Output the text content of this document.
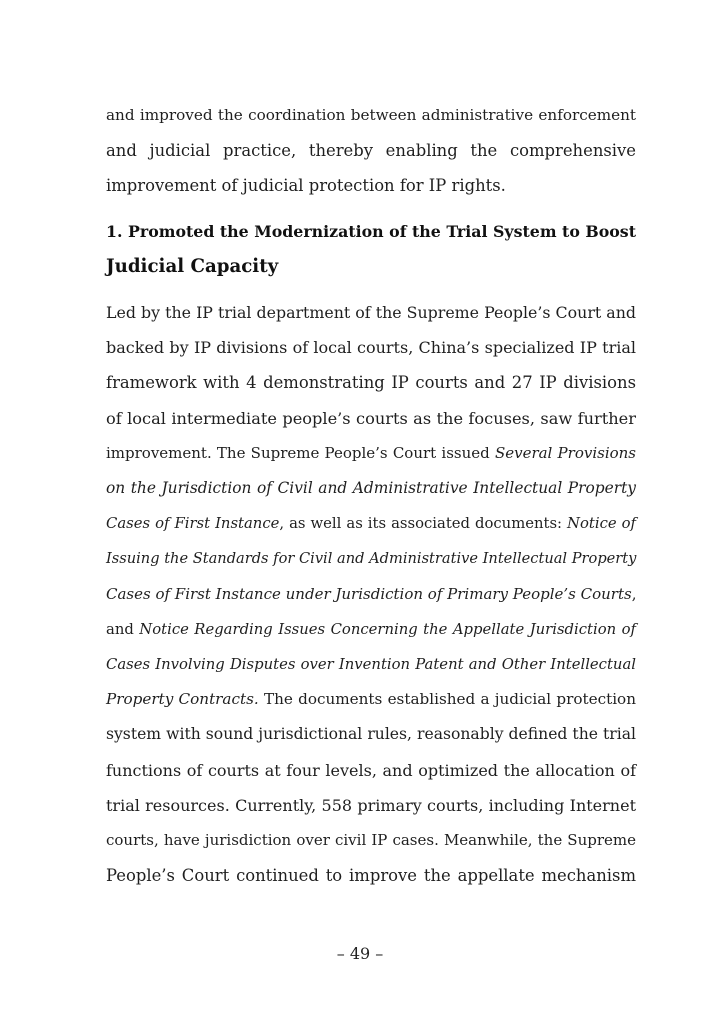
and improved the coordination between administrative enforcement
and judicial practice, thereby enabling the comprehensive
improvement of judicial protection for IP rights.

1. Promoted the Modernization of the Trial System to Boost
Judicial Capacity

Led by the IP trial department of the Supreme People’s Court and
backed by IP divisions of local courts, China’s specialized IP trial
framework with 4 demonstrating IP courts and 27 IP divisions
of local intermediate people’s courts as the focuses, saw further
improvement. The Supreme People’s Court issued Several Provisions
on the Jurisdiction of Civil and Administrative Intellectual Property
Cases of First Instance, as well as its associated documents: Notice of
Issuing the Standards for Civil and Administrative Intellectual Property
Cases of First Instance under Jurisdiction of Primary People’s Courts,
and Notice Regarding Issues Concerning the Appellate Jurisdiction of
Cases Involving Disputes over Invention Patent and Other Intellectual
Property Contracts. The documents established a judicial protection
system with sound jurisdictional rules, reasonably defined the trial
functions of courts at four levels, and optimized the allocation of
trial resources. Currently, 558 primary courts, including Internet
courts, have jurisdiction over civil IP cases. Meanwhile, the Supreme
People’s Court continued to improve the appellate mechanism

– 49 –
